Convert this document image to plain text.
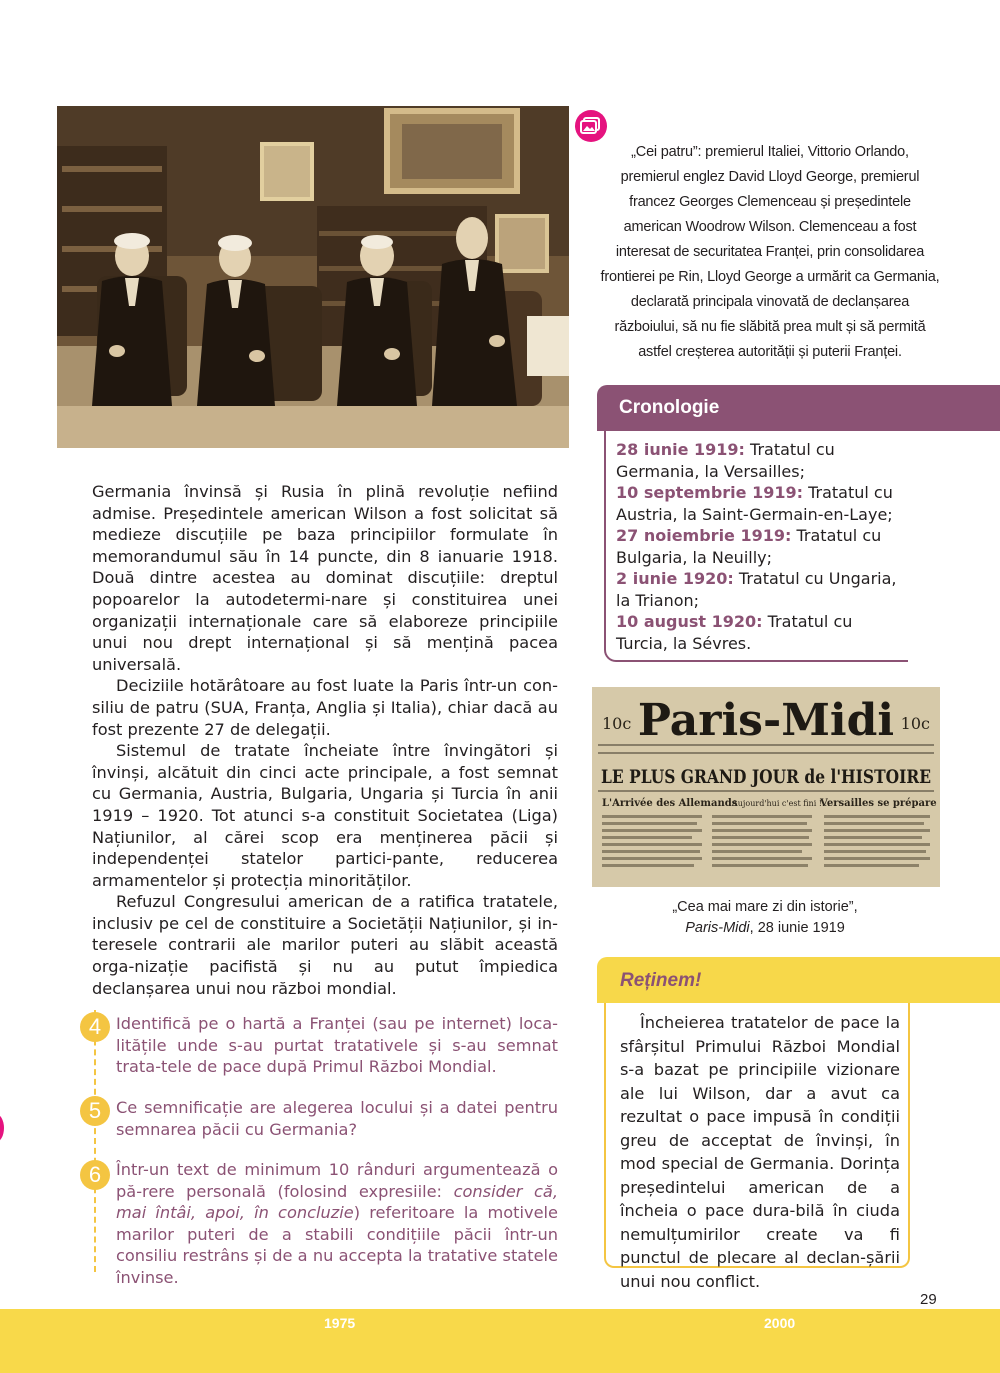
„Cei patru”: premierul Italiei, Vittorio Orlando, premierul englez David Lloyd George, premierul francez Georges Clemenceau și președintele american Woodrow Wilson. Clemenceau a fost interesat de securitatea Franței, prin consolidarea frontierei pe Rin, Lloyd George a urmărit ca Germania, declarată principala vinovată de declanșarea războiului, să nu fie slăbită prea mult și să permită astfel creșterea autorității și puterii Franței.
Cronologie
28 iunie 1919: Tratatul cu Germania, la Versailles;
10 septembrie 1919: Tratatul cu Austria, la Saint-Germain-en-Laye;
27 noiembrie 1919: Tratatul cu Bulgaria, la Neuilly;
2 iunie 1920: Tratatul cu Ungaria, la Trianon;
10 august 1920: Tratatul cu Turcia, la Sévres.
10c Paris-Midi 10c
LE PLUS GRAND JOUR de l'HISTOIRE
L'Arrivée des Allemands
Aujourd'hui c'est fini !...
Versailles se prépare
„Cea mai mare zi din istorie”,
Paris-Midi, 28 iunie 1919

Germania învinsă și Rusia în plină revoluție nefiind admise. Președintele american Wilson a fost solicitat să medieze discuțiile pe baza principiilor formulate în memorandumul său în 14 puncte, din 8 ianuarie 1918. Două dintre acestea au dominat discuțiile: dreptul popoarelor la autodetermi-nare și constituirea unei organizații internaționale care să elaboreze principiile unui nou drept internațional și să mențină pacea universală.

Deciziile hotărâtoare au fost luate la Paris într-un con-siliu de patru (SUA, Franța, Anglia și Italia), chiar dacă au fost prezente 27 de delegații.

Sistemul de tratate încheiate între învingători și învinși, alcătuit din cinci acte principale, a fost semnat cu Germania, Austria, Bulgaria, Ungaria și Turcia în anii 1919 – 1920. Tot atunci s-a constituit Societatea (Liga) Națiunilor, al cărei scop era menținerea păcii și independenței statelor partici-pante, reducerea armamentelor și protecția minorităților.

Refuzul Congresului american de a ratifica tratatele, inclusiv pe cel de constituire a Societății Națiunilor, și in-teresele contrarii ale marilor puteri au slăbit această orga-nizație pacifistă și nu au putut împiedica declanșarea unui nou război mondial.

4 Identifică pe o hartă a Franței (sau pe internet) loca-litățile unde s-au purtat tratativele și s-au semnat trata-tele de pace după Primul Război Mondial.
5 Ce semnificație are alegerea locului și a datei pentru semnarea păcii cu Germania?
6 Într-un text de minimum 10 rânduri argumentează o pă-rere personală (folosind expresiile: consider că, mai întâi, apoi, în concluzie) referitoare la motivele marilor puteri de a stabili condițiile păcii într-un consiliu restrâns și de a nu accepta la tratative statele învinse.
Reținem!
Încheierea tratatelor de pace la sfârșitul Primului Război Mondial s-a bazat pe principiile vizionare ale lui Wilson, dar a avut ca rezultat o pace impusă în condiții greu de acceptat de învinși, în mod special de Germania. Dorința președintelui american de a încheia o pace dura-bilă în ciuda nemulțumirilor create va fi punctul de plecare al declan-șării unui nou conflict.
29
1975	2000
